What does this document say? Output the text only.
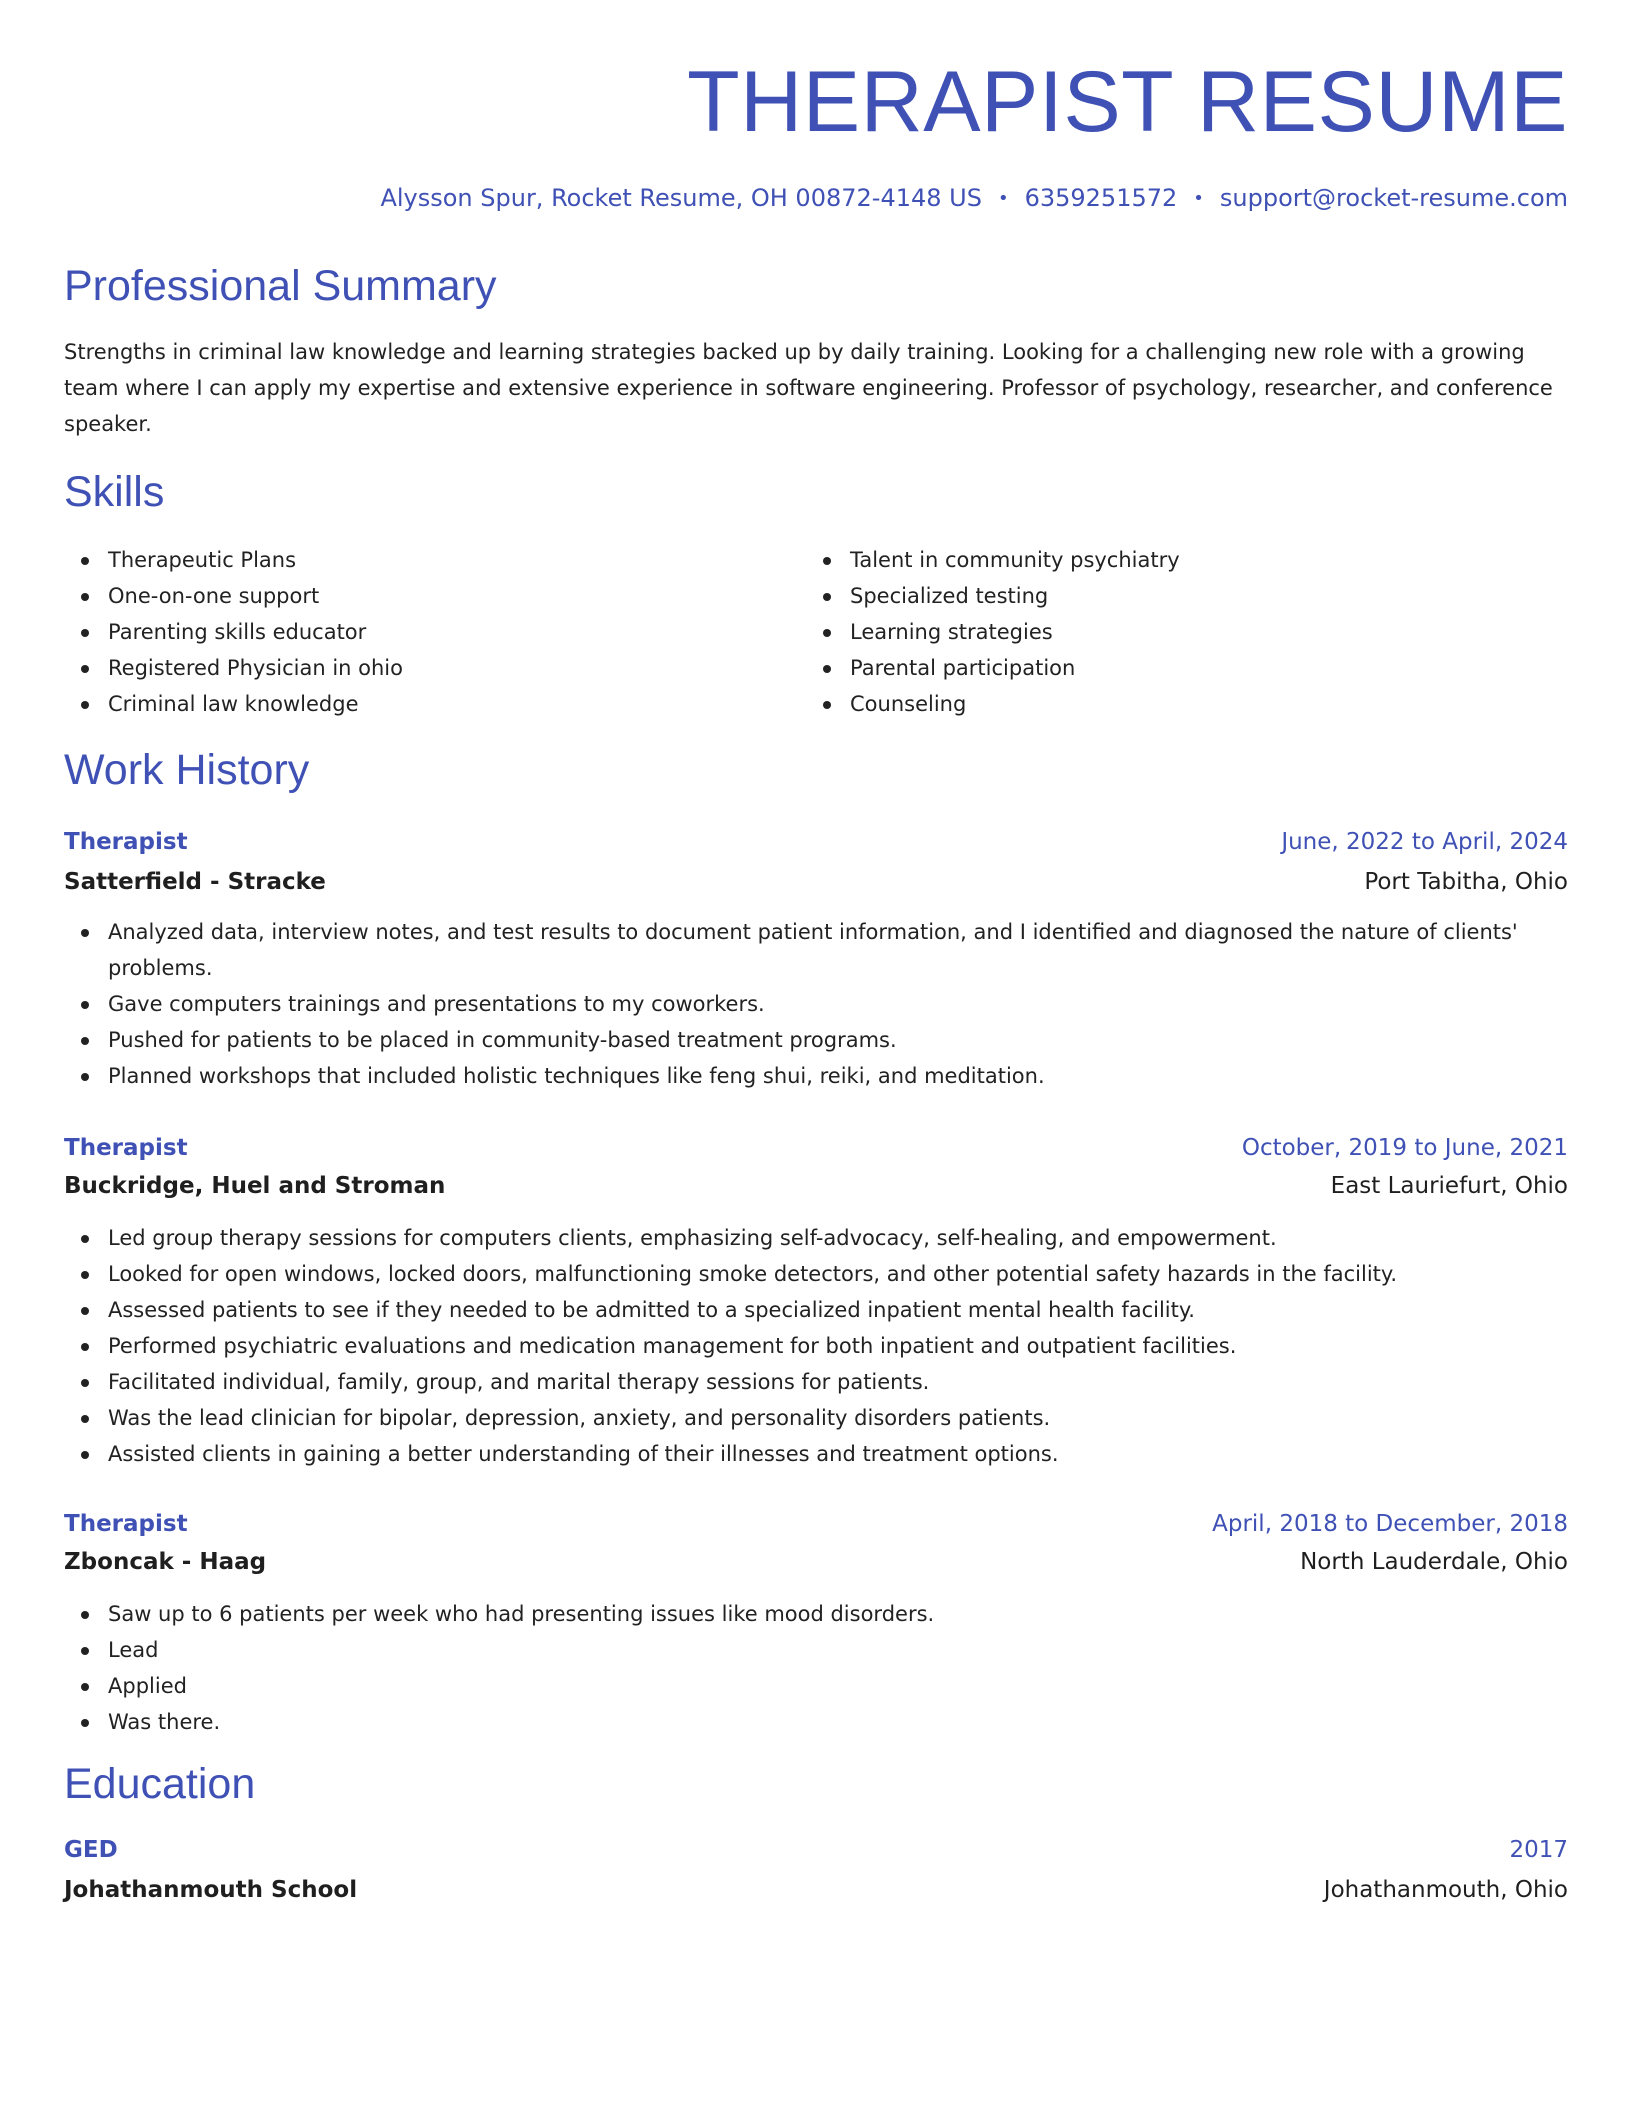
THERAPIST RESUME
Alysson Spur, Rocket Resume, OH 00872-4148 US • 6359251572 • support@rocket-resume.com
Professional Summary
Strengths in criminal law knowledge and learning strategies backed up by daily training. Looking for a challenging new role with a growing team where I can apply my expertise and extensive experience in software engineering. Professor of psychology, researcher, and conference speaker.
Skills
Therapeutic Plans
One-on-one support
Parenting skills educator
Registered Physician in ohio
Criminal law knowledge
Talent in community psychiatry
Specialized testing
Learning strategies
Parental participation
Counseling
Work History
Therapist	June, 2022 to April, 2024
Satterfield - Stracke	Port Tabitha, Ohio
Analyzed data, interview notes, and test results to document patient information, and I identified and diagnosed the nature of clients' problems.
Gave computers trainings and presentations to my coworkers.
Pushed for patients to be placed in community-based treatment programs.
Planned workshops that included holistic techniques like feng shui, reiki, and meditation.
Therapist	October, 2019 to June, 2021
Buckridge, Huel and Stroman	East Lauriefurt, Ohio
Led group therapy sessions for computers clients, emphasizing self-advocacy, self-healing, and empowerment.
Looked for open windows, locked doors, malfunctioning smoke detectors, and other potential safety hazards in the facility.
Assessed patients to see if they needed to be admitted to a specialized inpatient mental health facility.
Performed psychiatric evaluations and medication management for both inpatient and outpatient facilities.
Facilitated individual, family, group, and marital therapy sessions for patients.
Was the lead clinician for bipolar, depression, anxiety, and personality disorders patients.
Assisted clients in gaining a better understanding of their illnesses and treatment options.
Therapist	April, 2018 to December, 2018
Zboncak - Haag	North Lauderdale, Ohio
Saw up to 6 patients per week who had presenting issues like mood disorders.
Lead
Applied
Was there.
Education
GED	2017
Johathanmouth School	Johathanmouth, Ohio
